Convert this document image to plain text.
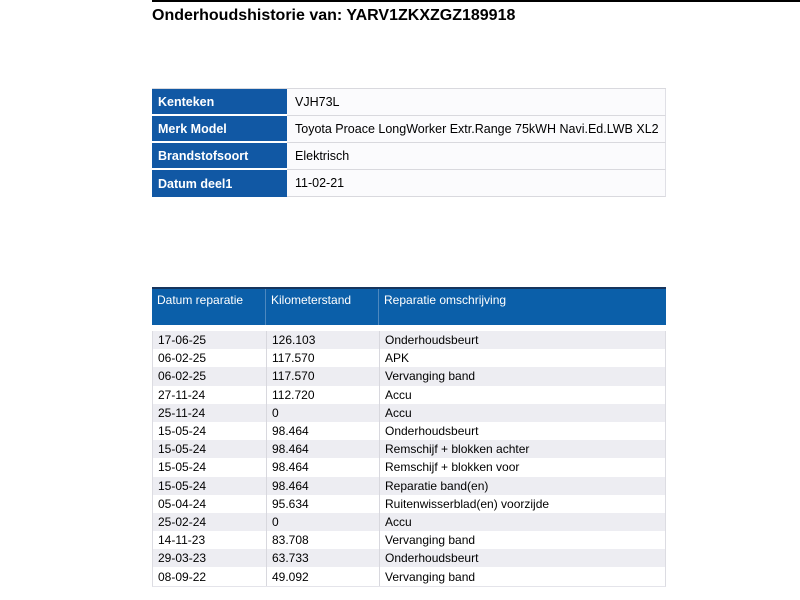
Onderhoudshistorie van: YARV1ZKXZGZ189918
Kenteken	VJH73L
Merk Model	Toyota Proace LongWorker Extr.Range 75kWH Navi.Ed.LWB XL2
Brandstofsoort	Elektrisch
Datum deel1	11-02-21
Datum reparatie	Kilometerstand	Reparatie omschrijving
17-06-25	126.103	Onderhoudsbeurt
06-02-25	117.570	APK
06-02-25	117.570	Vervanging band
27-11-24	112.720	Accu
25-11-24	0	Accu
15-05-24	98.464	Onderhoudsbeurt
15-05-24	98.464	Remschijf + blokken achter
15-05-24	98.464	Remschijf + blokken voor
15-05-24	98.464	Reparatie band(en)
05-04-24	95.634	Ruitenwisserblad(en) voorzijde
25-02-24	0	Accu
14-11-23	83.708	Vervanging band
29-03-23	63.733	Onderhoudsbeurt
08-09-22	49.092	Vervanging band
